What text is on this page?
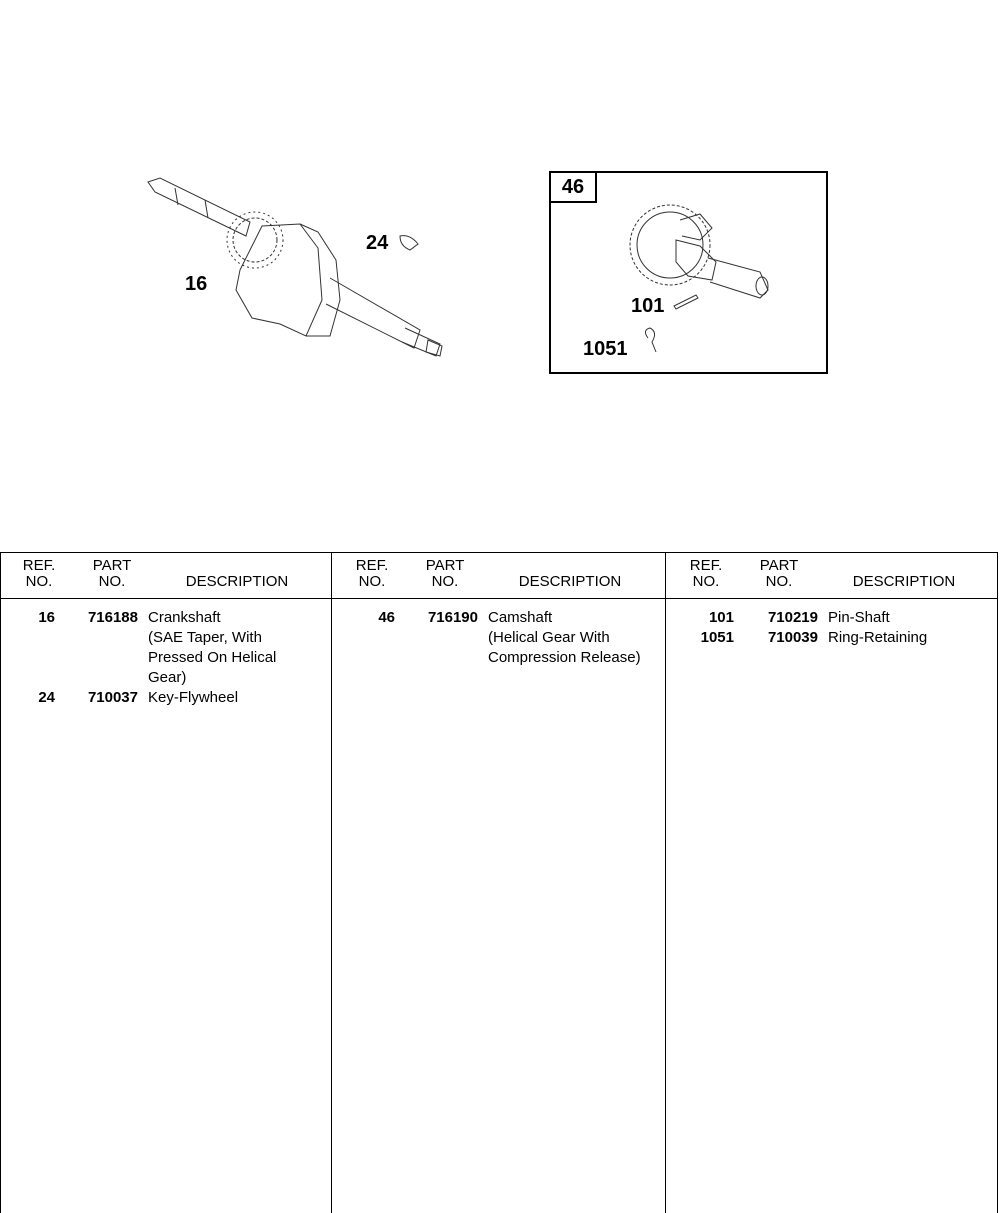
16
24
46
101
1051
REF.
NO.
PART
NO.	DESCRIPTION
16 716188 Crankshaft
(SAE Taper, With
Pressed On Helical
Gear)
24 710037 Key-Flywheel
REF.
NO.
PART
NO.	DESCRIPTION
46 716190 Camshaft
(Helical Gear With
Compression Release)
REF.
NO.
PART
NO.	DESCRIPTION
101 710219 Pin-Shaft
1051 710039 Ring-Retaining
